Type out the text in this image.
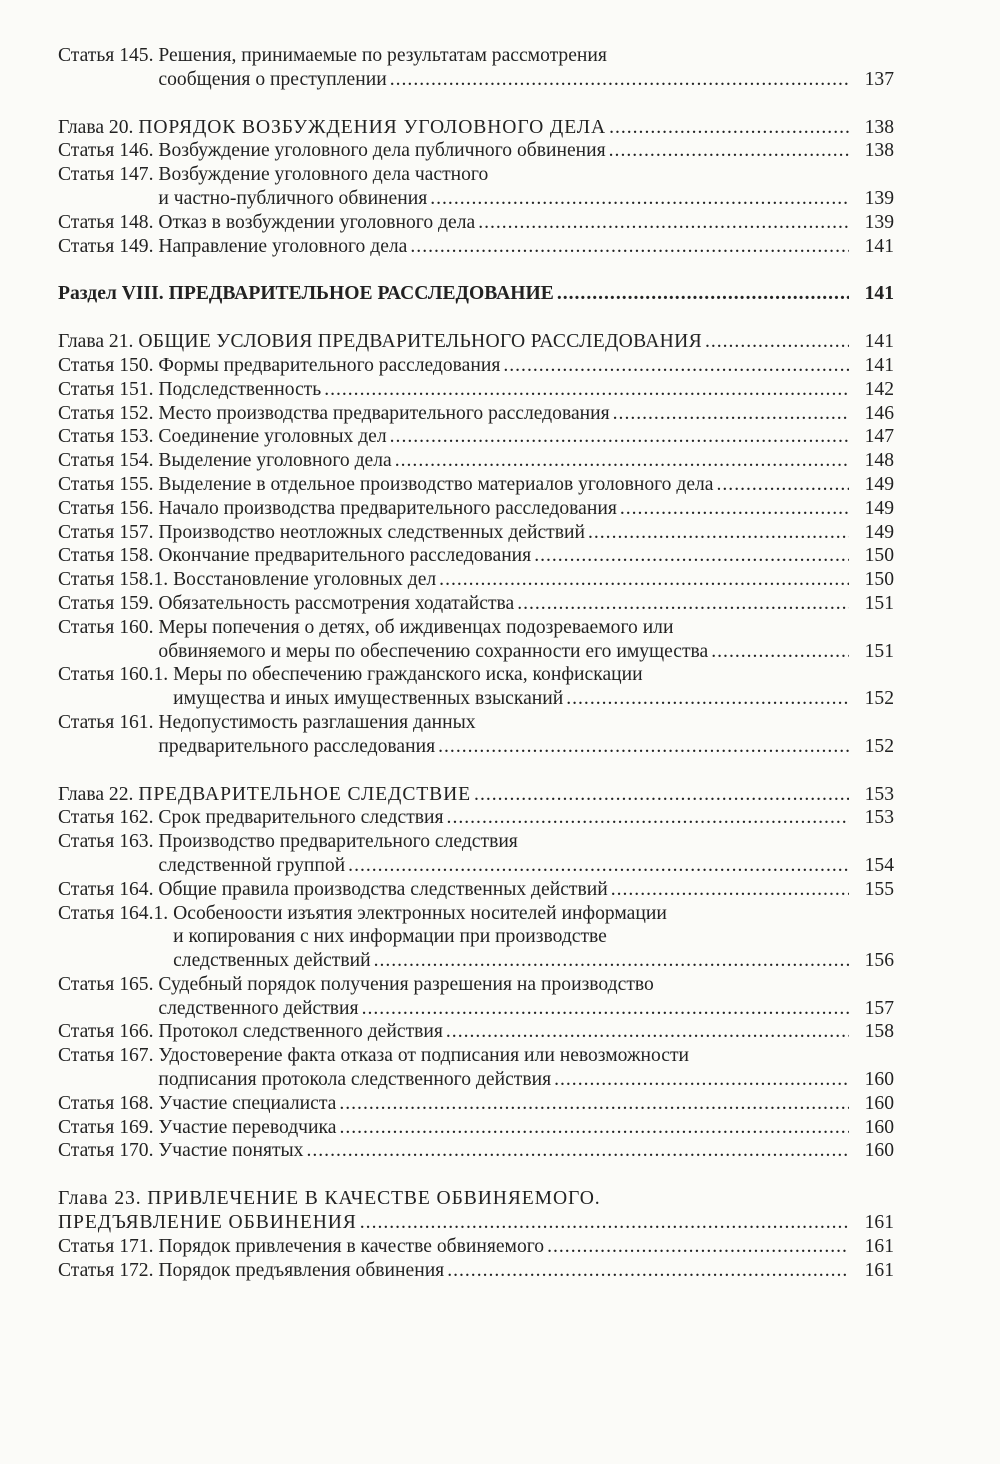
Статья 145. Решения, принимаемые по результатам рассмотрения
сообщения о преступлении .....	137
Глава 20. ПОРЯДОК ВОЗБУЖДЕНИЯ УГОЛОВНОГО ДЕЛА .....	138
Статья 146. Возбуждение уголовного дела публичного обвинения .....	138
Статья 147. Возбуждение уголовного дела частного
и частно-публичного обвинения .....	139
Статья 148. Отказ в возбуждении уголовного дела .....	139
Статья 149. Направление уголовного дела .....	141
Раздел VIII. ПРЕДВАРИТЕЛЬНОЕ РАССЛЕДОВАНИЕ .....	141
Глава 21. ОБЩИЕ УСЛОВИЯ ПРЕДВАРИТЕЛЬНОГО РАССЛЕДОВАНИЯ .....	141
Статья 150. Формы предварительного расследования .....	141
Статья 151. Подследственность .....	142
Статья 152. Место производства предварительного расследования .....	146
Статья 153. Соединение уголовных дел .....	147
Статья 154. Выделение уголовного дела .....	148
Статья 155. Выделение в отдельное производство материалов уголовного дела .....	149
Статья 156. Начало производства предварительного расследования .....	149
Статья 157. Производство неотложных следственных действий .....	149
Статья 158. Окончание предварительного расследования .....	150
Статья 158.1. Восстановление уголовных дел .....	150
Статья 159. Обязательность рассмотрения ходатайства .....	151
Статья 160. Меры попечения о детях, об иждивенцах подозреваемого или
обвиняемого и меры по обеспечению сохранности его имущества .....	151
Статья 160.1. Меры по обеспечению гражданского иска, конфискации
имущества и иных имущественных взысканий .....	152
Статья 161. Недопустимость разглашения данных
предварительного расследования .....	152
Глава 22. ПРЕДВАРИТЕЛЬНОЕ СЛЕДСТВИЕ .....	153
Статья 162. Срок предварительного следствия .....	153
Статья 163. Производство предварительного следствия
следственной группой .....	154
Статья 164. Общие правила производства следственных действий .....	155
Статья 164.1. Особеноости изъятия электронных носителей информации
и копирования с них информации при производстве
следственных действий .....	156
Статья 165. Судебный порядок получения разрешения на производство
следственного действия .....	157
Статья 166. Протокол следственного действия .....	158
Статья 167. Удостоверение факта отказа от подписания или невозможности
подписания протокола следственного действия .....	160
Статья 168. Участие специалиста .....	160
Статья 169. Участие переводчика .....	160
Статья 170. Участие понятых .....	160
Глава 23. ПРИВЛЕЧЕНИЕ В КАЧЕСТВЕ ОБВИНЯЕМОГО.
ПРЕДЪЯВЛЕНИЕ ОБВИНЕНИЯ .....	161
Статья 171. Порядок привлечения в качестве обвиняемого .....	161
Статья 172. Порядок предъявления обвинения .....	161
